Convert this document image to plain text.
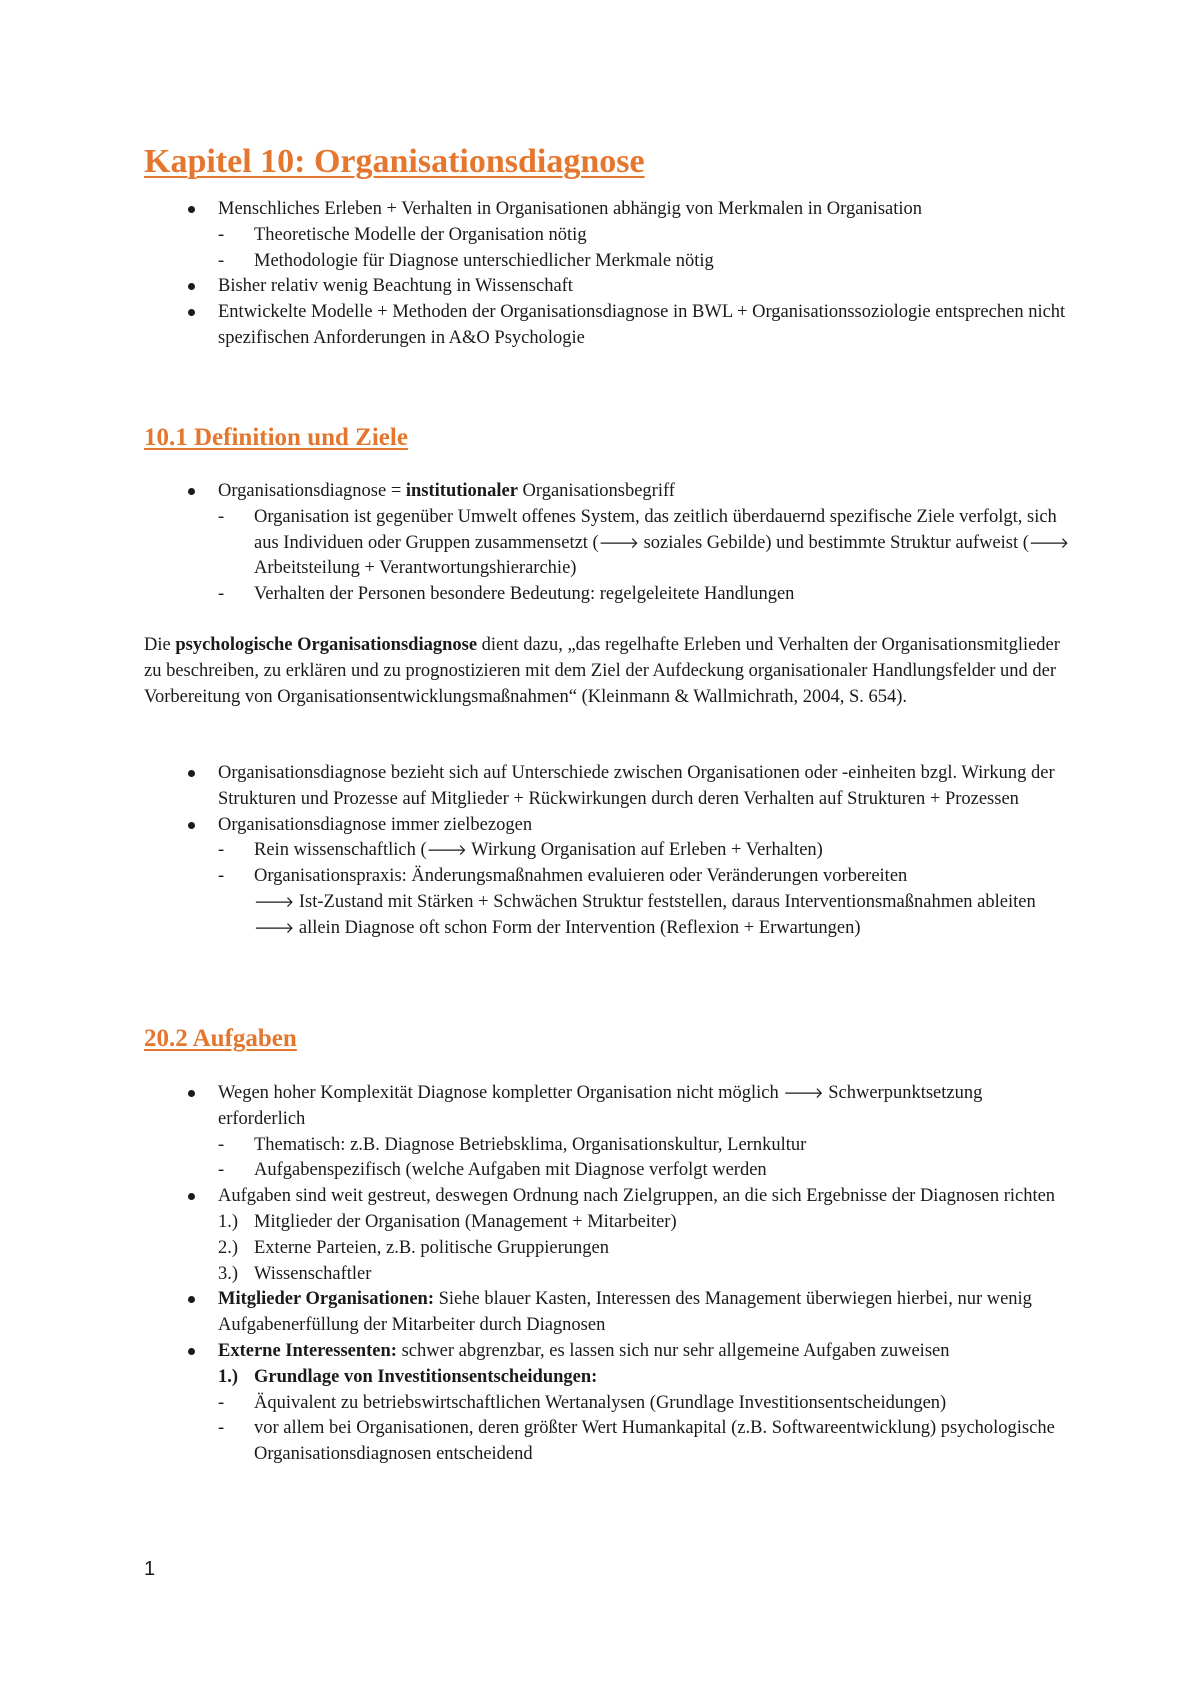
Kapitel 10: Organisationsdiagnose
Menschliches Erleben + Verhalten in Organisationen abhängig von Merkmalen in Organisation
- Theoretische Modelle der Organisation nötig
- Methodologie für Diagnose unterschiedlicher Merkmale nötig
Bisher relativ wenig Beachtung in Wissenschaft
Entwickelte Modelle + Methoden der Organisationsdiagnose in BWL + Organisationssoziologie entsprechen nicht spezifischen Anforderungen in A&O Psychologie
Organisationsdiagnose = institutionaler Organisationsbegriff
- Organisation ist gegenüber Umwelt offenes System, das zeitlich überdauernd spezifische Ziele verfolgt, sich aus Individuen oder Gruppen zusammensetzt (🡒 soziales Gebilde) und bestimmte Struktur aufweist (🡒 Arbeitsteilung + Verantwortungshierarchie)
- Verhalten der Personen besondere Bedeutung: regelgeleitete Handlungen
Die psychologische Organisationsdiagnose dient dazu, „das regelhafte Erleben und Verhalten der Organisationsmitglieder zu beschreiben, zu erklären und zu prognostizieren mit dem Ziel der Aufdeckung organisationaler Handlungsfelder und der Vorbereitung von Organisationsentwicklungsmaßnahmen“ (Kleinmann & Wallmichrath, 2004, S. 654).
Organisationsdiagnose bezieht sich auf Unterschiede zwischen Organisationen oder -einheiten bzgl. Wirkung der Strukturen und Prozesse auf Mitglieder + Rückwirkungen durch deren Verhalten auf Strukturen + Prozessen
Organisationsdiagnose immer zielbezogen
- Rein wissenschaftlich (🡒 Wirkung Organisation auf Erleben + Verhalten)
- Organisationspraxis: Änderungsmaßnahmen evaluieren oder Veränderungen vorbereiten
🡒 Ist-Zustand mit Stärken + Schwächen Struktur feststellen, daraus Interventionsmaßnahmen ableiten
🡒 allein Diagnose oft schon Form der Intervention (Reflexion + Erwartungen)
Wegen hoher Komplexität Diagnose kompletter Organisation nicht möglich 🡒 Schwerpunktsetzung erforderlich
- Thematisch: z.B. Diagnose Betriebsklima, Organisationskultur, Lernkultur
- Aufgabenspezifisch (welche Aufgaben mit Diagnose verfolgt werden
Aufgaben sind weit gestreut, deswegen Ordnung nach Zielgruppen, an die sich Ergebnisse der Diagnosen richten
1.) Mitglieder der Organisation (Management + Mitarbeiter)
2.) Externe Parteien, z.B. politische Gruppierungen
3.) Wissenschaftler
Mitglieder Organisationen: Siehe blauer Kasten, Interessen des Management überwiegen hierbei, nur wenig Aufgabenerfüllung der Mitarbeiter durch Diagnosen
Externe Interessenten: schwer abgrenzbar, es lassen sich nur sehr allgemeine Aufgaben zuweisen
1.) Grundlage von Investitionsentscheidungen:
- Äquivalent zu betriebswirtschaftlichen Wertanalysen (Grundlage Investitionsentscheidungen)
- vor allem bei Organisationen, deren größter Wert Humankapital (z.B. Softwareentwicklung) psychologische Organisationsdiagnosen entscheidend
10.1 Definition und Ziele
20.2 Aufgaben
1
